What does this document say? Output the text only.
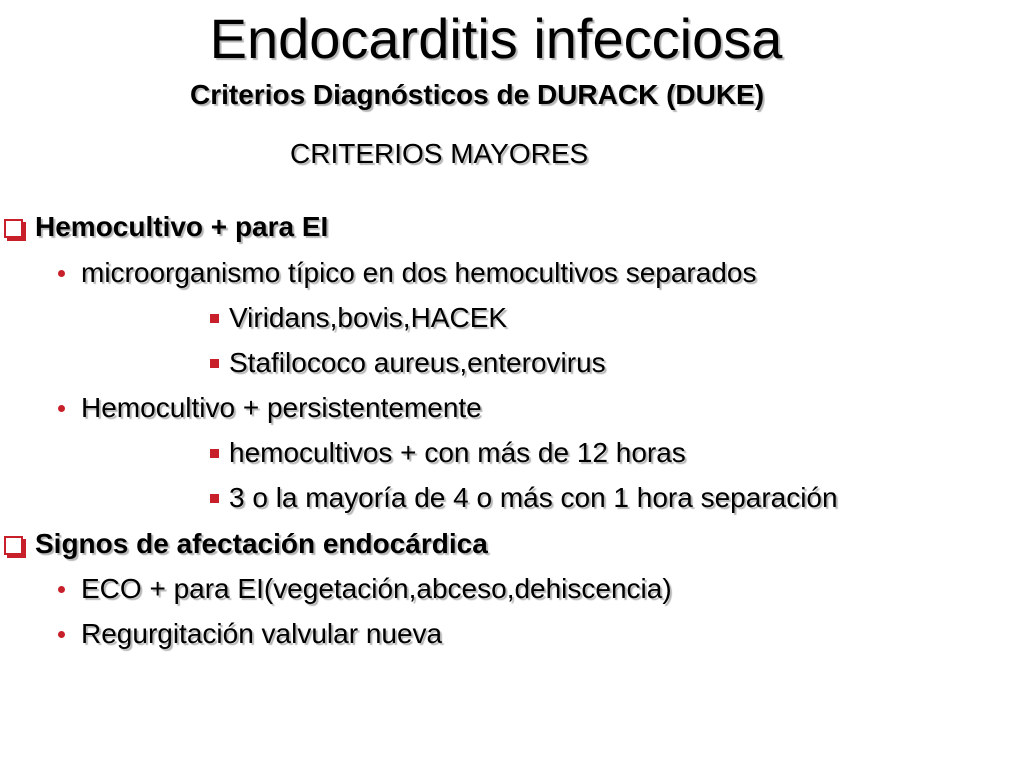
Endocarditis infecciosa
Criterios Diagnósticos de DURACK (DUKE)
CRITERIOS MAYORES
Hemocultivo + para EI
microorganismo típico en dos hemocultivos separados
Viridans,bovis,HACEK
Stafilococo aureus,enterovirus
Hemocultivo + persistentemente
hemocultivos + con más de 12 horas
3 o la mayoría de 4 o más con 1 hora separación
Signos de afectación endocárdica
ECO + para EI(vegetación,abceso,dehiscencia)
Regurgitación valvular nueva
